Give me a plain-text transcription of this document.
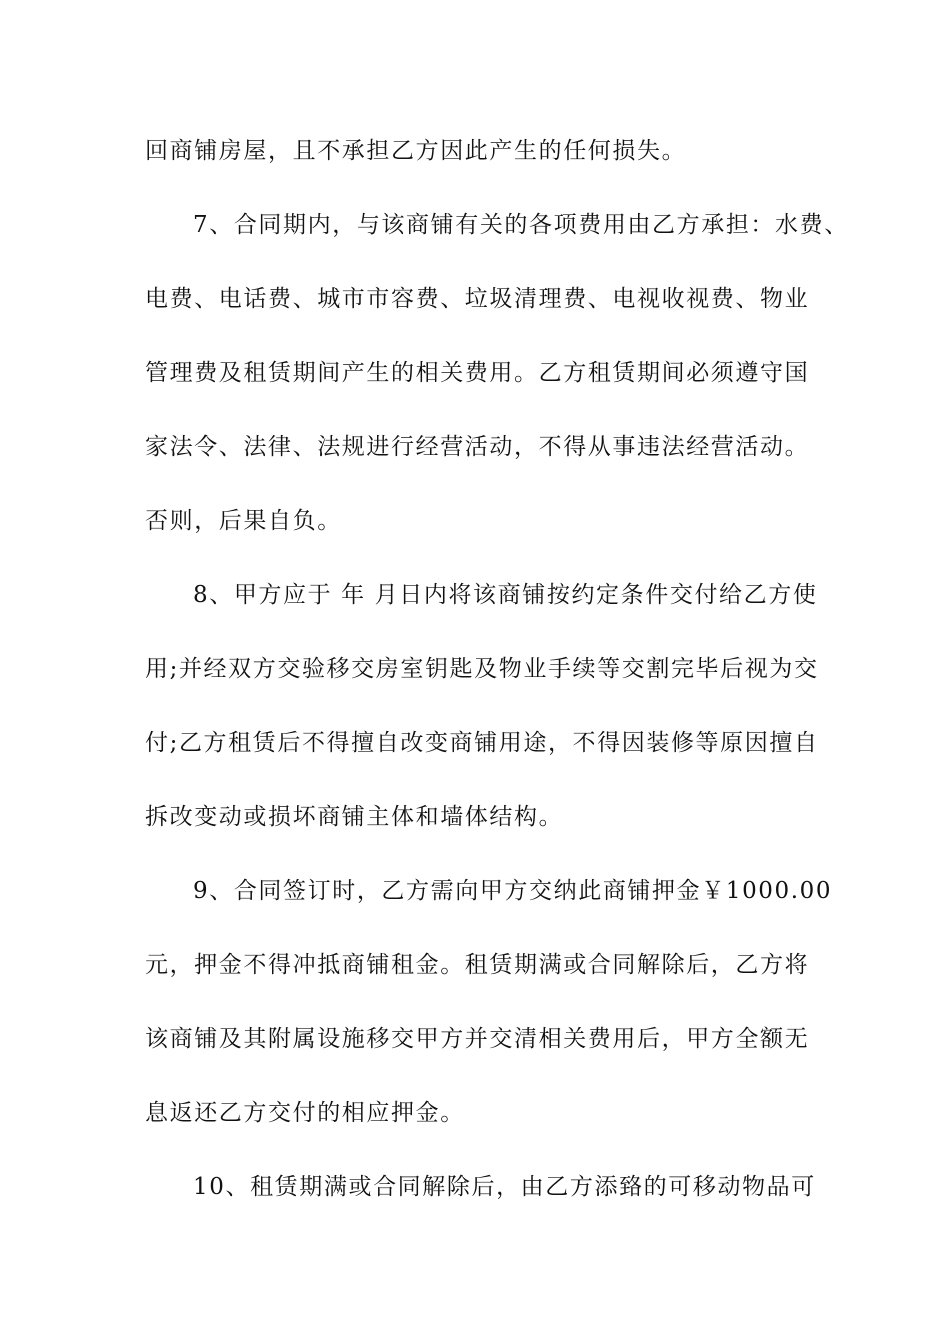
回商铺房屋，且不承担乙方因此产生的任何损失。
7、合同期内，与该商铺有关的各项费用由乙方承担：水费、
电费、电话费、城市市容费、垃圾清理费、电视收视费、物业
管理费及租赁期间产生的相关费用。乙方租赁期间必须遵守国
家法令、法律、法规进行经营活动，不得从事违法经营活动。
否则，后果自负。
8、甲方应于 年 月日内将该商铺按约定条件交付给乙方使
用;并经双方交验移交房室钥匙及物业手续等交割完毕后视为交
付;乙方租赁后不得擅自改变商铺用途，不得因装修等原因擅自
拆改变动或损坏商铺主体和墙体结构。
9、合同签订时，乙方需向甲方交纳此商铺押金￥1000.00
元，押金不得冲抵商铺租金。租赁期满或合同解除后，乙方将
该商铺及其附属设施移交甲方并交清相关费用后，甲方全额无
息返还乙方交付的相应押金。
10、租赁期满或合同解除后，由乙方添臵的可移动物品可
